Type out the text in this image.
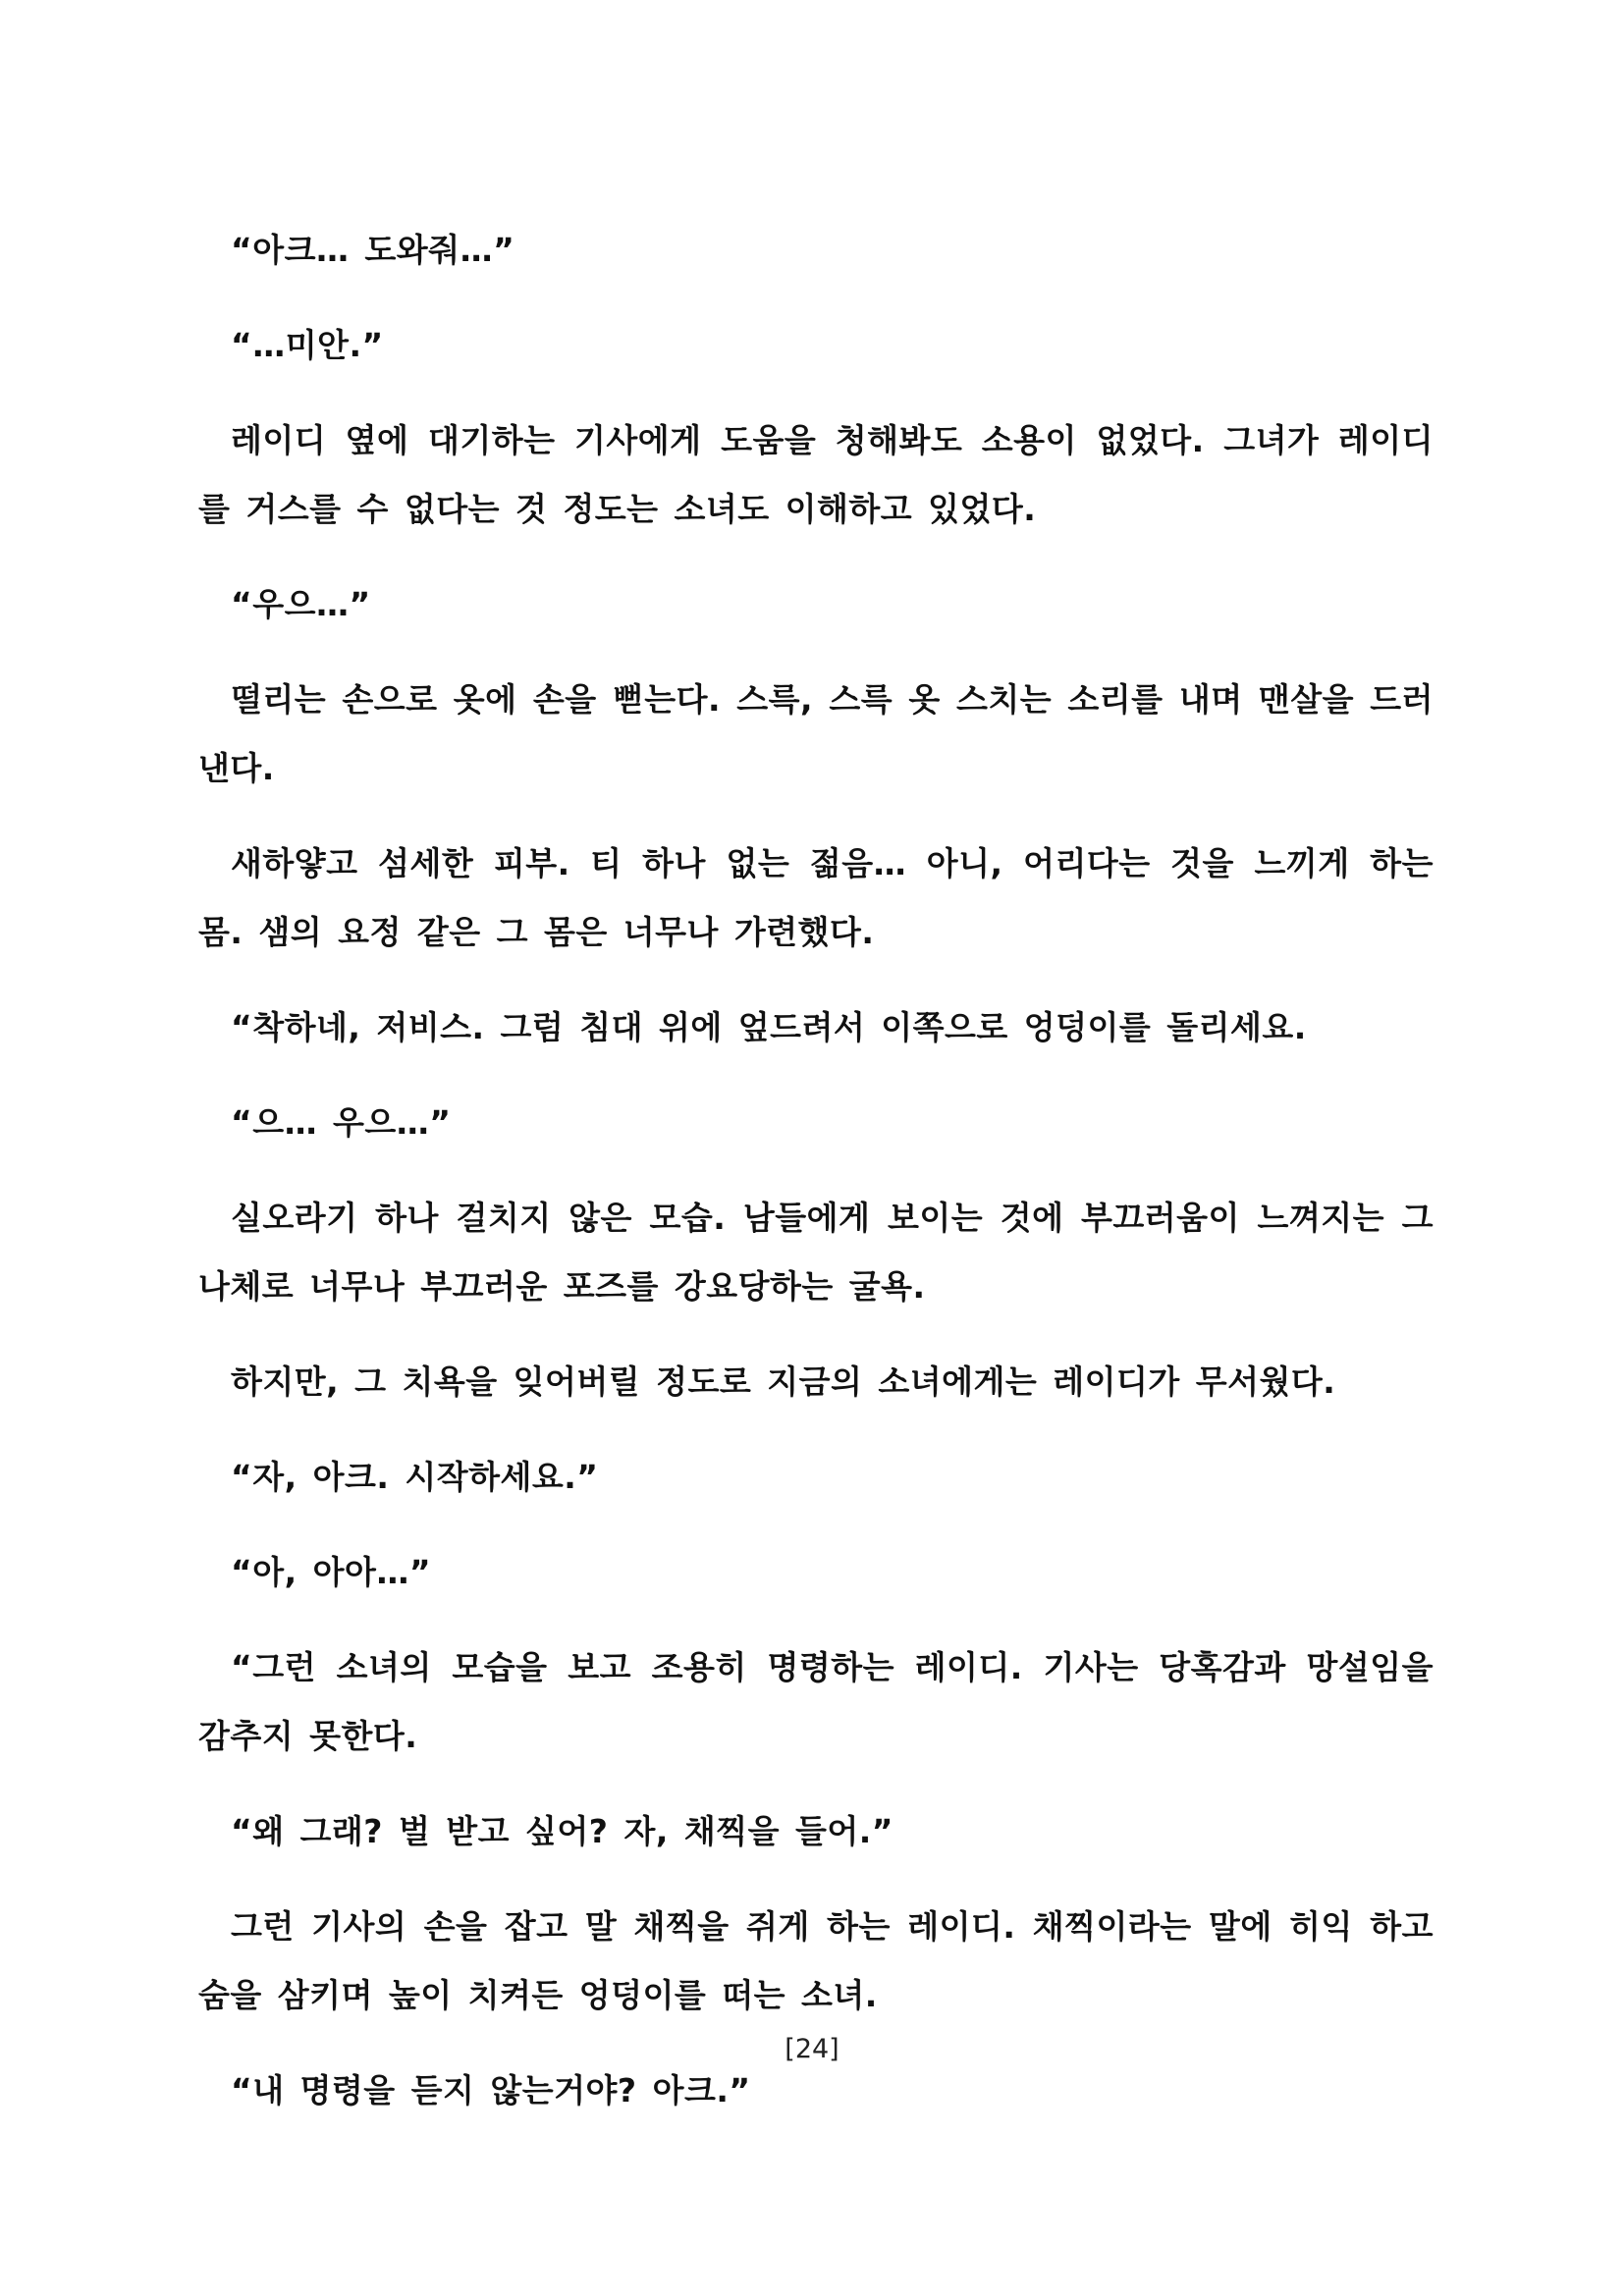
“아크… 도와줘…”

“…미안.”

레이디 옆에 대기하는 기사에게 도움을 청해봐도 소용이 없었다. 그녀가 레이디를 거스를 수 없다는 것 정도는 소녀도 이해하고 있었다.

“우으…”

떨리는 손으로 옷에 손을 뻗는다. 스륵, 스륵 옷 스치는 소리를 내며 맨살을 드러낸다.

새하얗고 섬세한 피부. 티 하나 없는 젊음… 아니, 어리다는 것을 느끼게 하는 몸. 샘의 요정 같은 그 몸은 너무나 가련했다.

“착하네, 저비스. 그럼 침대 위에 엎드려서 이쪽으로 엉덩이를 돌리세요.

“으… 우으…”

실오라기 하나 걸치지 않은 모습. 남들에게 보이는 것에 부끄러움이 느껴지는 그 나체로 너무나 부끄러운 포즈를 강요당하는 굴욕.

하지만, 그 치욕을 잊어버릴 정도로 지금의 소녀에게는 레이디가 무서웠다.

“자, 아크. 시작하세요.”

“아, 아아…”

“그런 소녀의 모습을 보고 조용히 명령하는 레이디. 기사는 당혹감과 망설임을 감추지 못한다.

“왜 그래? 벌 받고 싶어? 자, 채찍을 들어.”

그런 기사의 손을 잡고 말 채찍을 쥐게 하는 레이디. 채찍이라는 말에 히익 하고 숨을 삼키며 높이 치켜든 엉덩이를 떠는 소녀.

“내 명령을 듣지 않는거야? 아크.”

[24]
